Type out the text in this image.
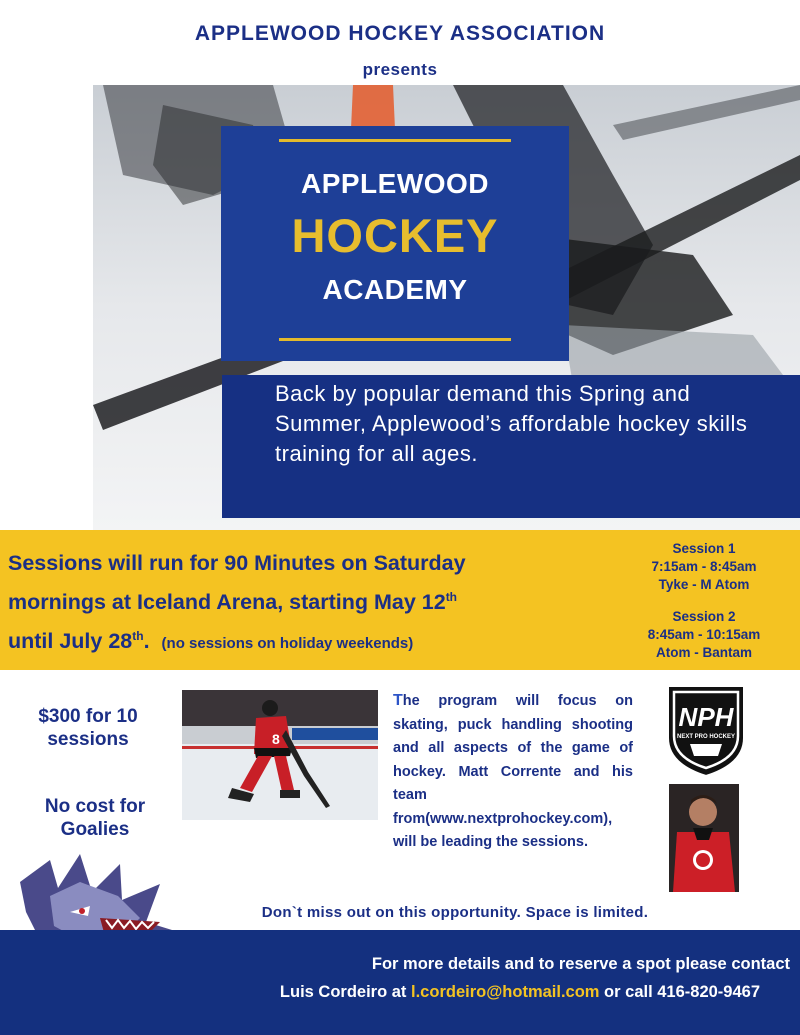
APPLEWOOD HOCKEY ASSOCIATION
presents
APPLEWOOD
HOCKEY
ACADEMY

Back by popular demand this Spring and Summer, Applewood’s affordable hockey skills training for all ages.

Sessions will run for 90 Minutes on Saturday
mornings at Iceland Arena, starting May 12th
until July 28th. (no sessions on holiday weekends)
Session 1
7:15am - 8:45am
Tyke - M Atom
Session 2
8:45am - 10:15am
Atom - Bantam
$300 for 10 sessions
No cost for Goalies
8
The program will focus on skating, puck handling shooting and all aspects of the game of hockey. Matt Corrente and his team from(www.nextprohockey.com), will be leading the sessions.
NPH
NEXT PRO HOCKEY
Don`t miss out on this opportunity. Space is limited.
For more details and to reserve a spot please contact
Luis Cordeiro at l.cordeiro@hotmail.com or call 416-820-9467
